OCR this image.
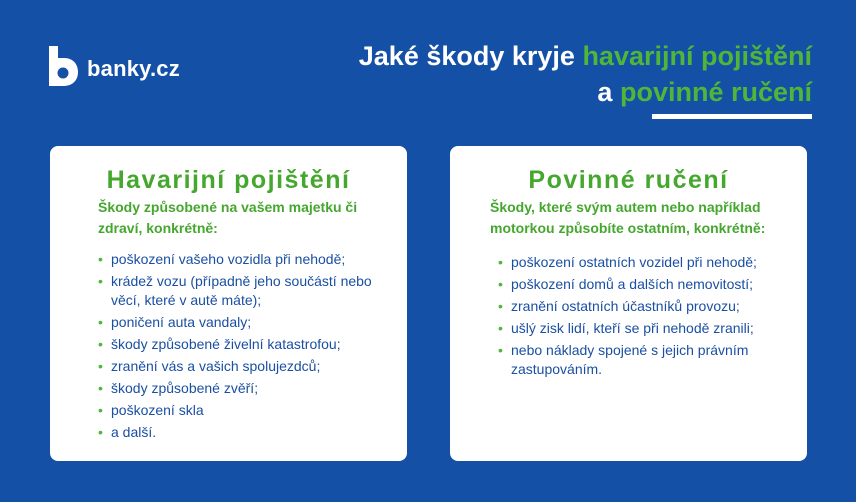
banky.cz	Jaké škody kryje havarijní pojištění
a povinné ručení
Havarijní pojištění
Škody způsobené na vašem majetku či zdraví, konkrétně:
• poškození vašeho vozidla při nehodě;
• krádež vozu (případně jeho součástí nebo věcí, které v autě máte);
• poničení auta vandaly;
• škody způsobené živelní katastrofou;
• zranění vás a vašich spolujezdců;
• škody způsobené zvěří;
• poškození skla
• a další.
Povinné ručení
Škody, které svým autem nebo například motorkou způsobíte ostatním, konkrétně:
• poškození ostatních vozidel při nehodě;
• poškození domů a dalších nemovitostí;
• zranění ostatních účastníků provozu;
• ušlý zisk lidí, kteří se při nehodě zranili;
• nebo náklady spojené s jejich právním zastupováním.
